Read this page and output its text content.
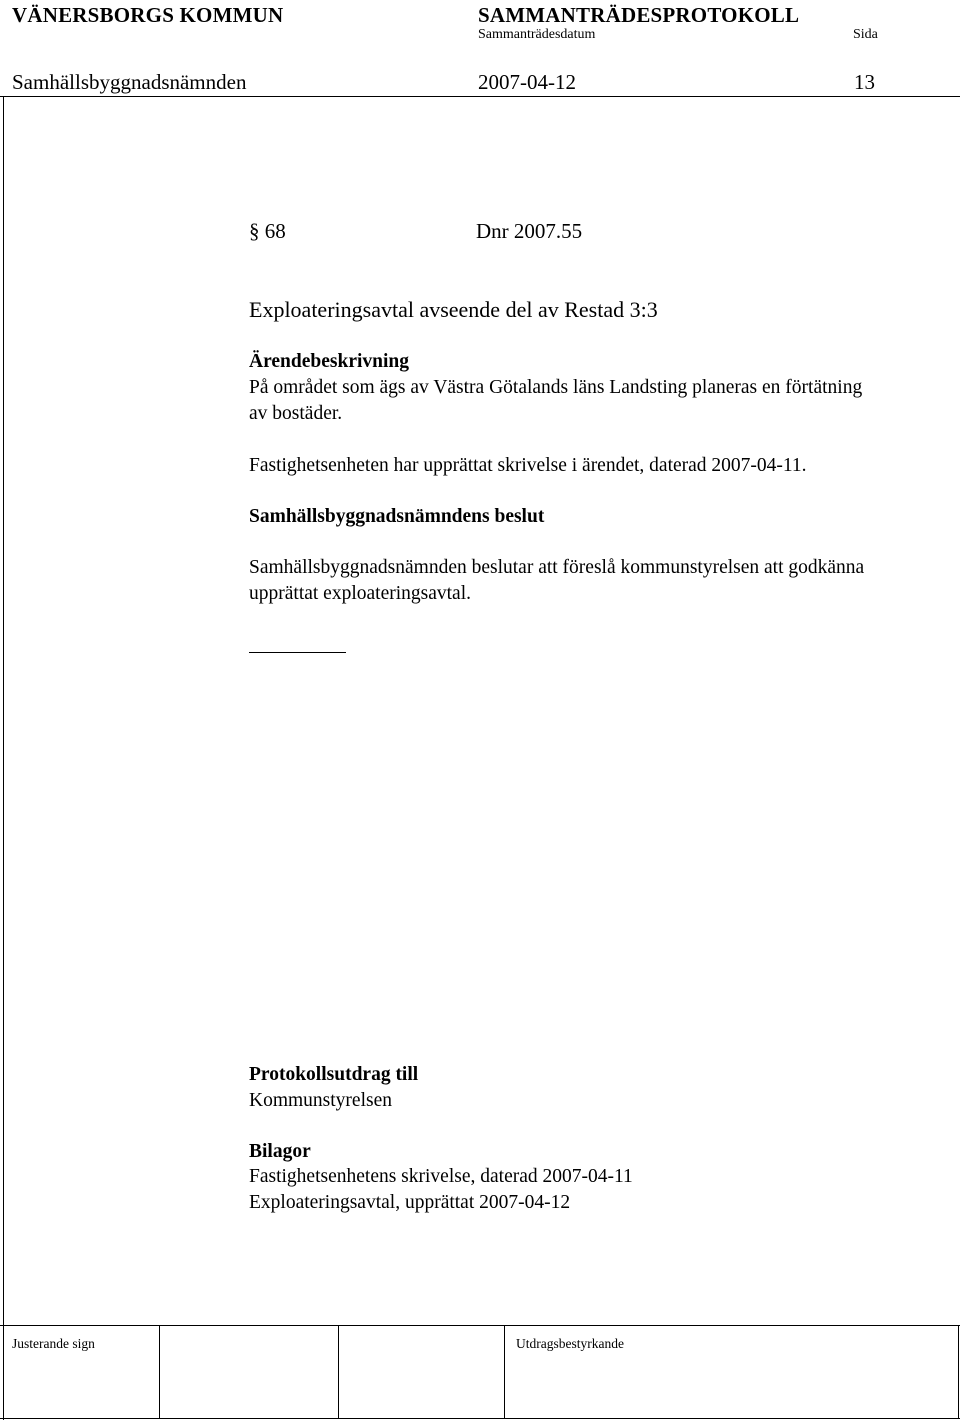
VÄNERSBORGS KOMMUN	SAMMANTRÄDESPROTOKOLL
Sammanträdesdatum	Sida
Samhällsbyggnadsnämnden	2007-04-12	13
§ 68	Dnr 2007.55
Exploateringsavtal avseende del av Restad 3:3
Ärendebeskrivning
På området som ägs av Västra Götalands läns Landsting planeras en förtätning av bostäder.
Fastighetsenheten har upprättat skrivelse i ärendet, daterad 2007-04-11.
Samhällsbyggnadsnämndens beslut
Samhällsbyggnadsnämnden beslutar att föreslå kommunstyrelsen att godkänna upprättat exploateringsavtal.
Protokollsutdrag till
Kommunstyrelsen
Bilagor
Fastighetsenhetens skrivelse, daterad 2007-04-11
Exploateringsavtal, upprättat 2007-04-12
Justerande sign	Utdragsbestyrkande
